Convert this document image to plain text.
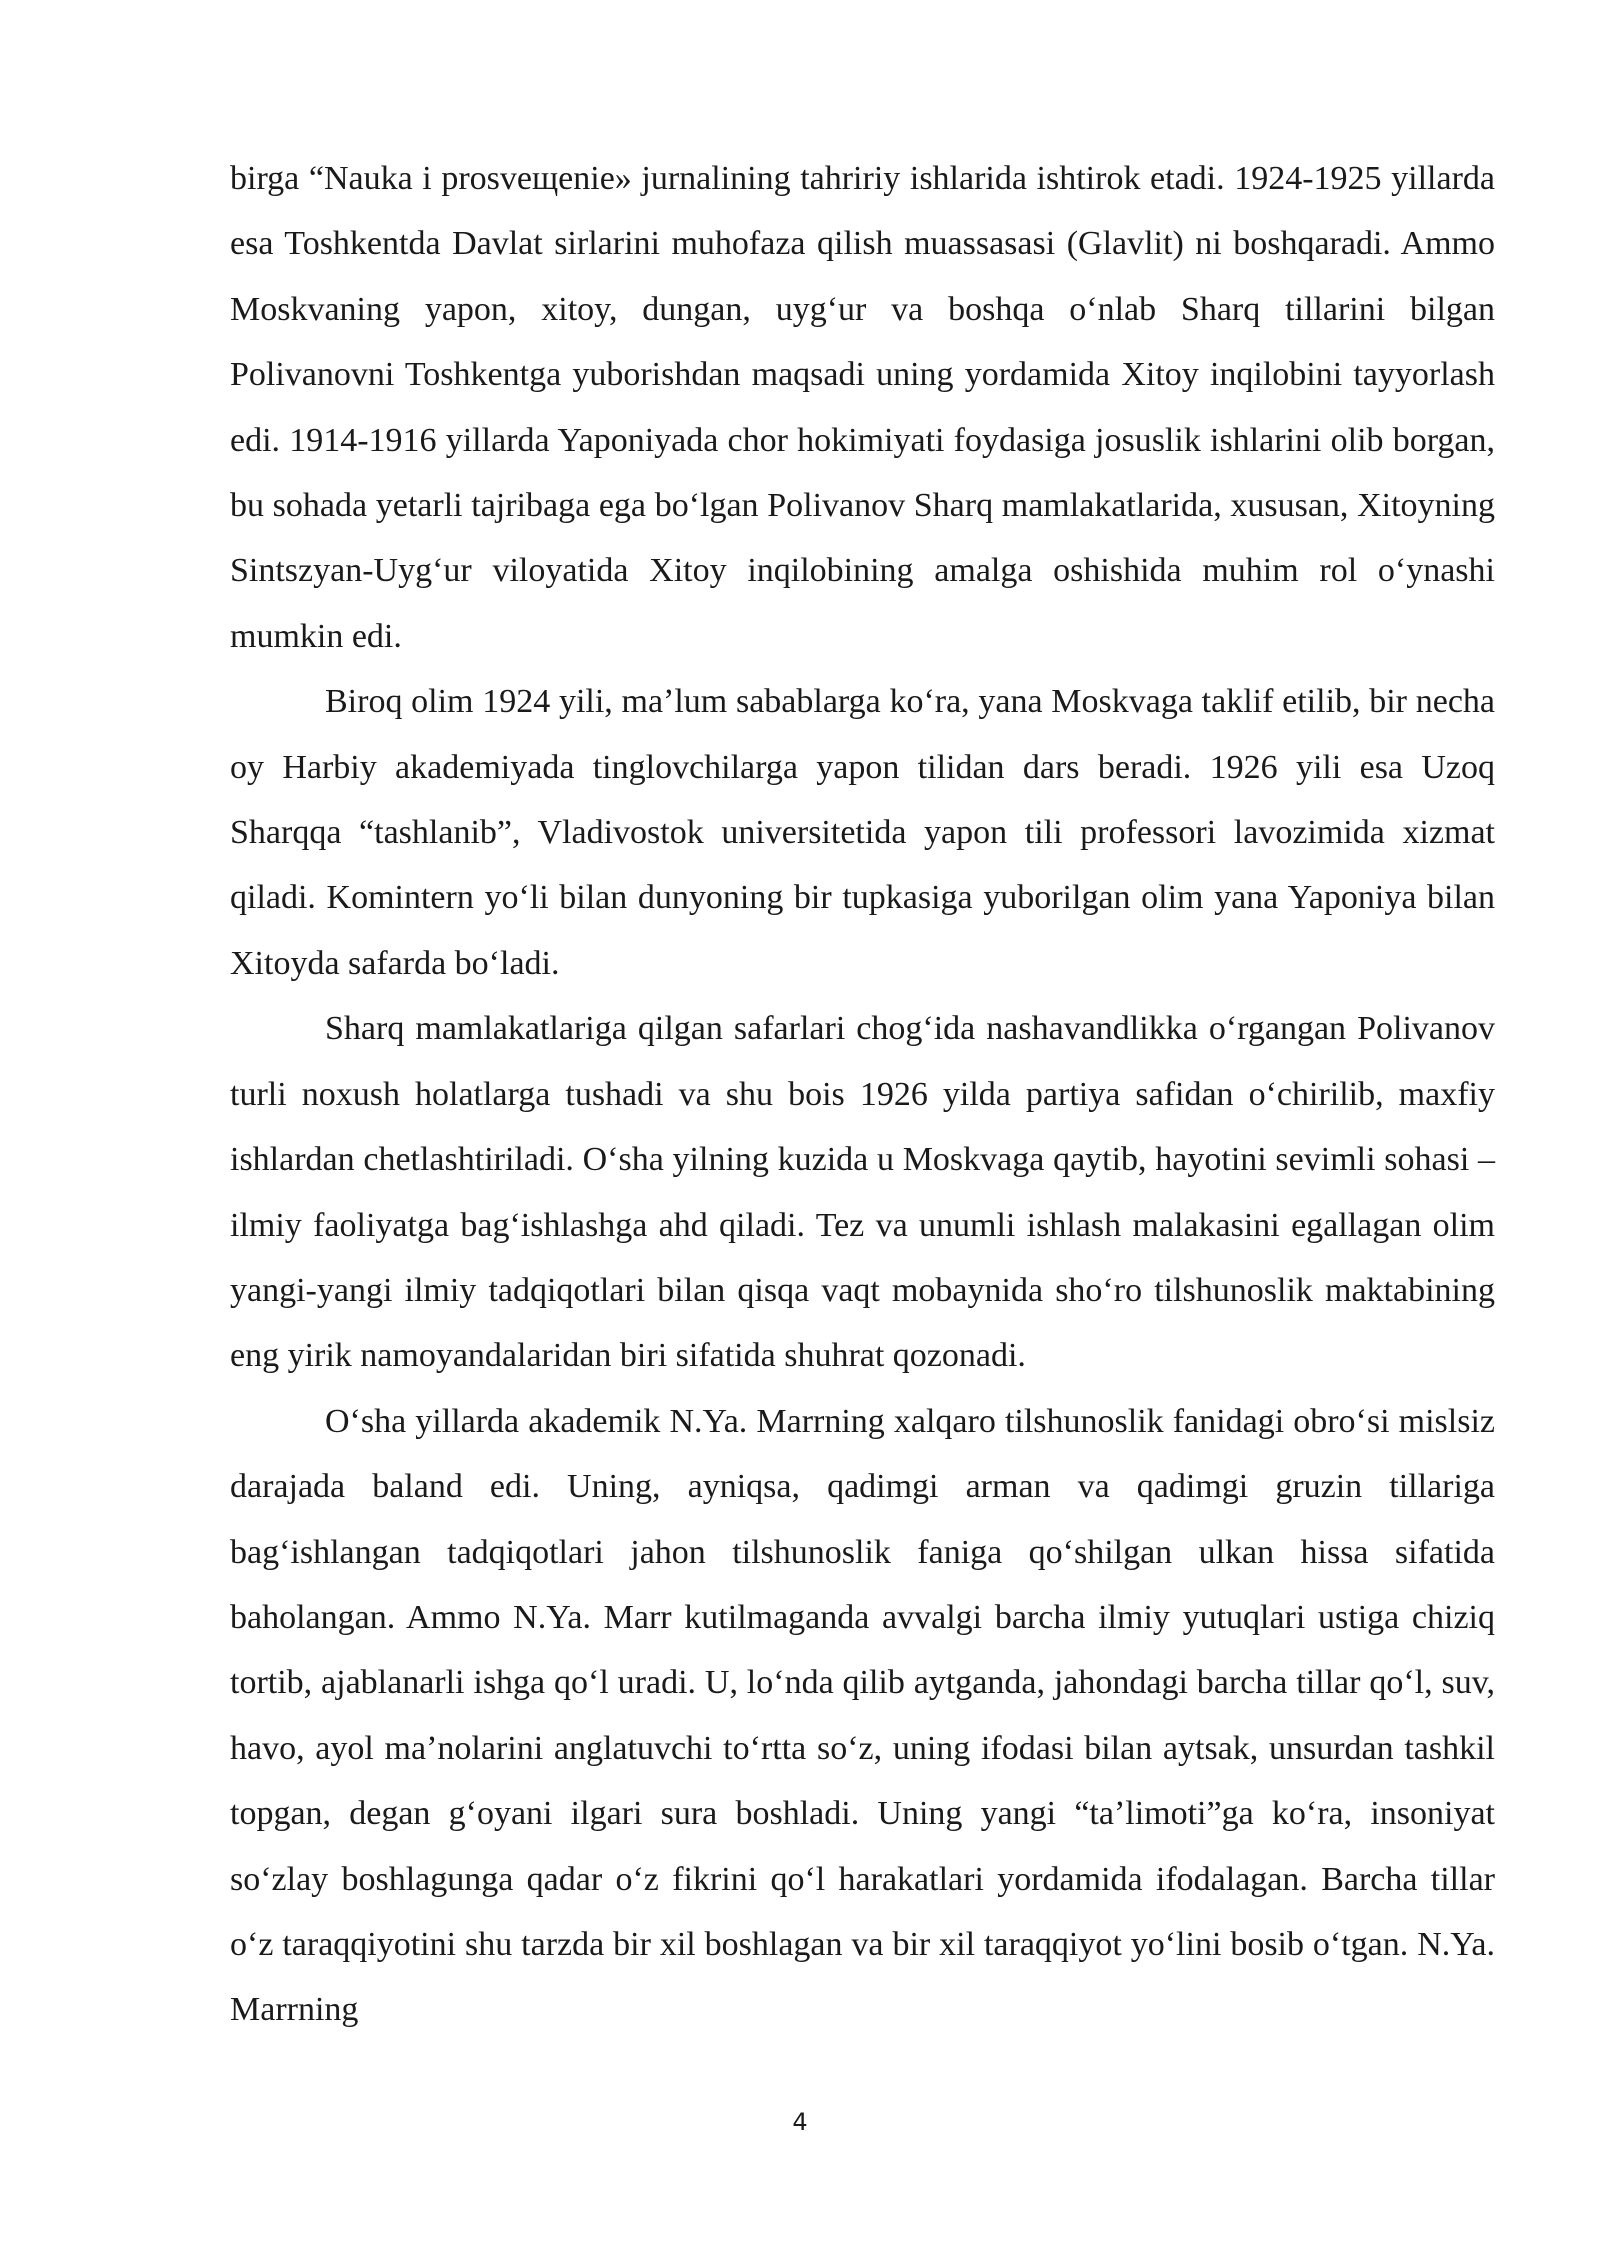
birga “Nauka i prosveщenie» jurnalining tahririy ishlarida ishtirok etadi. 1924-1925 yillarda esa Toshkentda Davlat sirlarini muhofaza qilish muassasasi (Glavlit) ni boshqaradi. Ammo Moskvaning yapon, xitoy, dungan, uygʻur va boshqa oʻnlab Sharq tillarini bilgan Polivanovni Toshkentga yuborishdan maqsadi uning yordamida Xitoy inqilobini tayyorlash edi. 1914-1916 yillarda Yaponiyada chor hokimiyati foydasiga josuslik ishlarini olib borgan, bu sohada yetarli tajribaga ega boʻlgan Polivanov Sharq mamlakatlarida, xususan, Xitoyning Sintszyan-Uygʻur viloyatida Xitoy inqilobining amalga oshishida muhim rol oʻynashi mumkin edi.

Biroq olim 1924 yili, maʼlum sabablarga koʻra, yana Moskvaga taklif etilib, bir necha oy Harbiy akademiyada tinglovchilarga yapon tilidan dars beradi. 1926 yili esa Uzoq Sharqqa “tashlanib”, Vladivostok universitetida yapon tili professori lavozimida xizmat qiladi. Komintern yoʻli bilan dunyoning bir tupkasiga yuborilgan olim yana Yaponiya bilan Xitoyda safarda boʻladi.

Sharq mamlakatlariga qilgan safarlari chogʻida nashavandlikka oʻrgangan Polivanov turli noxush holatlarga tushadi va shu bois 1926 yilda partiya safidan oʻchirilib, maxfiy ishlardan chetlashtiriladi. Oʻsha yilning kuzida u Moskvaga qaytib, hayotini sevimli sohasi – ilmiy faoliyatga bagʻishlashga ahd qiladi. Tez va unumli ishlash malakasini egallagan olim yangi-yangi ilmiy tadqiqotlari bilan qisqa vaqt mobaynida shoʻro tilshunoslik maktabining eng yirik namoyandalaridan biri sifatida shuhrat qozonadi.

Oʻsha yillarda akademik N.Ya. Marrning xalqaro tilshunoslik fanidagi obroʻsi mislsiz darajada baland edi. Uning, ayniqsa, qadimgi arman va qadimgi gruzin tillariga bagʻishlangan tadqiqotlari jahon tilshunoslik faniga qoʻshilgan ulkan hissa sifatida baholangan. Ammo N.Ya. Marr kutilmaganda avvalgi barcha ilmiy yutuqlari ustiga chiziq tortib, ajablanarli ishga qoʻl uradi. U, loʻnda qilib aytganda, jahondagi barcha tillar qoʻl, suv, havo, ayol maʼnolarini anglatuvchi toʻrtta soʻz, uning ifodasi bilan aytsak, unsurdan tashkil topgan, degan gʻoyani ilgari sura boshladi. Uning yangi “taʼlimoti”ga koʻra, insoniyat soʻzlay boshlagunga qadar oʻz fikrini qoʻl harakatlari yordamida ifodalagan. Barcha tillar oʻz taraqqiyotini shu tarzda bir xil boshlagan va bir xil taraqqiyot yoʻlini bosib oʻtgan. N.Ya. Marrning

4
